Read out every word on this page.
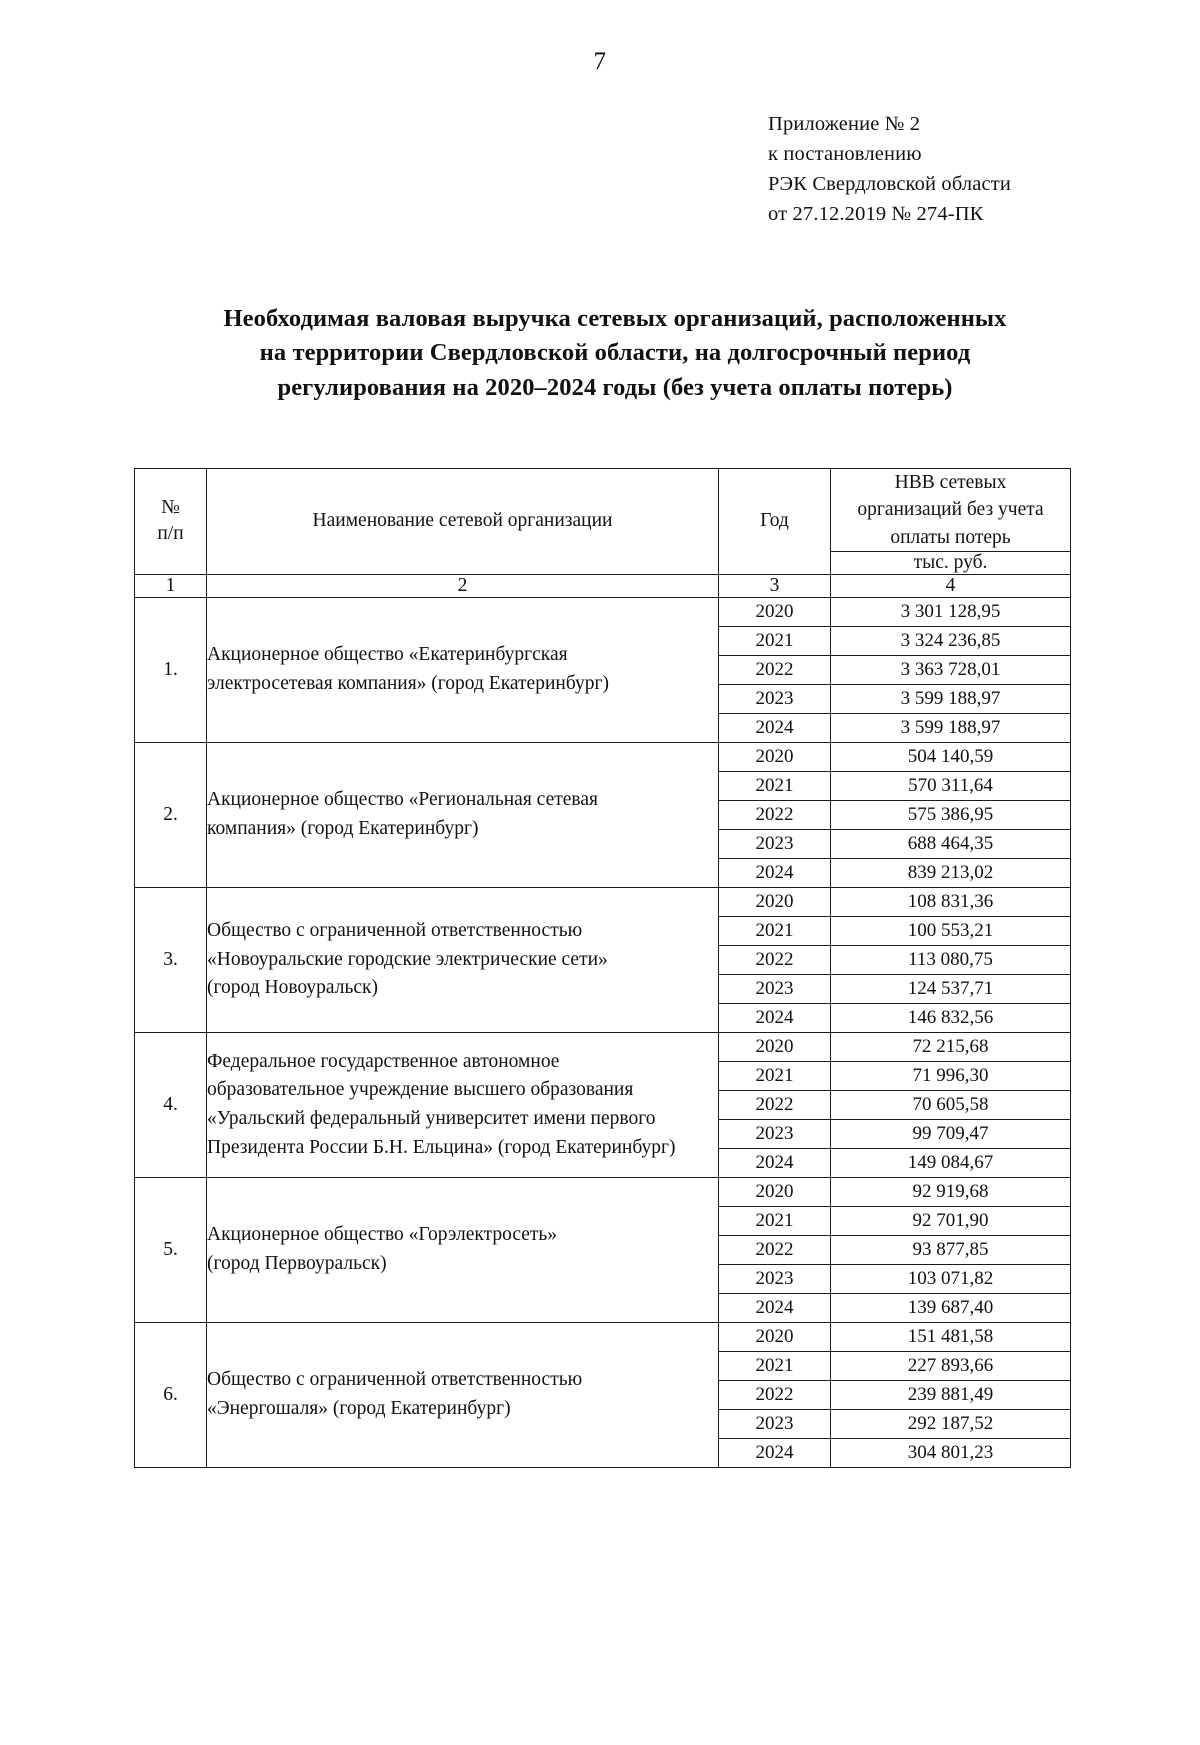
7
Приложение № 2
к постановлению
РЭК Свердловской области
от 27.12.2019 № 274-ПК
Необходимая валовая выручка сетевых организаций, расположенных
на территории Свердловской области, на долгосрочный период
регулирования на 2020–2024 годы (без учета оплаты потерь)
№
п/п	Наименование сетевой организации	Год	НВВ сетевых
организаций без учета
оплаты потерь
			тыс. руб.
1	2	3	4
1.	Акционерное общество «Екатеринбургская
электросетевая компания» (город Екатеринбург)	2020	3 301 128,95
		2021	3 324 236,85
		2022	3 363 728,01
		2023	3 599 188,97
		2024	3 599 188,97
2.	Акционерное общество «Региональная сетевая
компания» (город Екатеринбург)	2020	504 140,59
		2021	570 311,64
		2022	575 386,95
		2023	688 464,35
		2024	839 213,02
3.	Общество с ограниченной ответственностью
«Новоуральские городские электрические сети»
(город Новоуральск)	2020	108 831,36
		2021	100 553,21
		2022	113 080,75
		2023	124 537,71
		2024	146 832,56
4.	Федеральное государственное автономное
образовательное учреждение высшего образования
«Уральский федеральный университет имени первого
Президента России Б.Н. Ельцина» (город Екатеринбург)	2020	72 215,68
		2021	71 996,30
		2022	70 605,58
		2023	99 709,47
		2024	149 084,67
5.	Акционерное общество «Горэлектросеть»
(город Первоуральск)	2020	92 919,68
		2021	92 701,90
		2022	93 877,85
		2023	103 071,82
		2024	139 687,40
6.	Общество с ограниченной ответственностью
«Энергошаля» (город Екатеринбург)	2020	151 481,58
		2021	227 893,66
		2022	239 881,49
		2023	292 187,52
		2024	304 801,23
